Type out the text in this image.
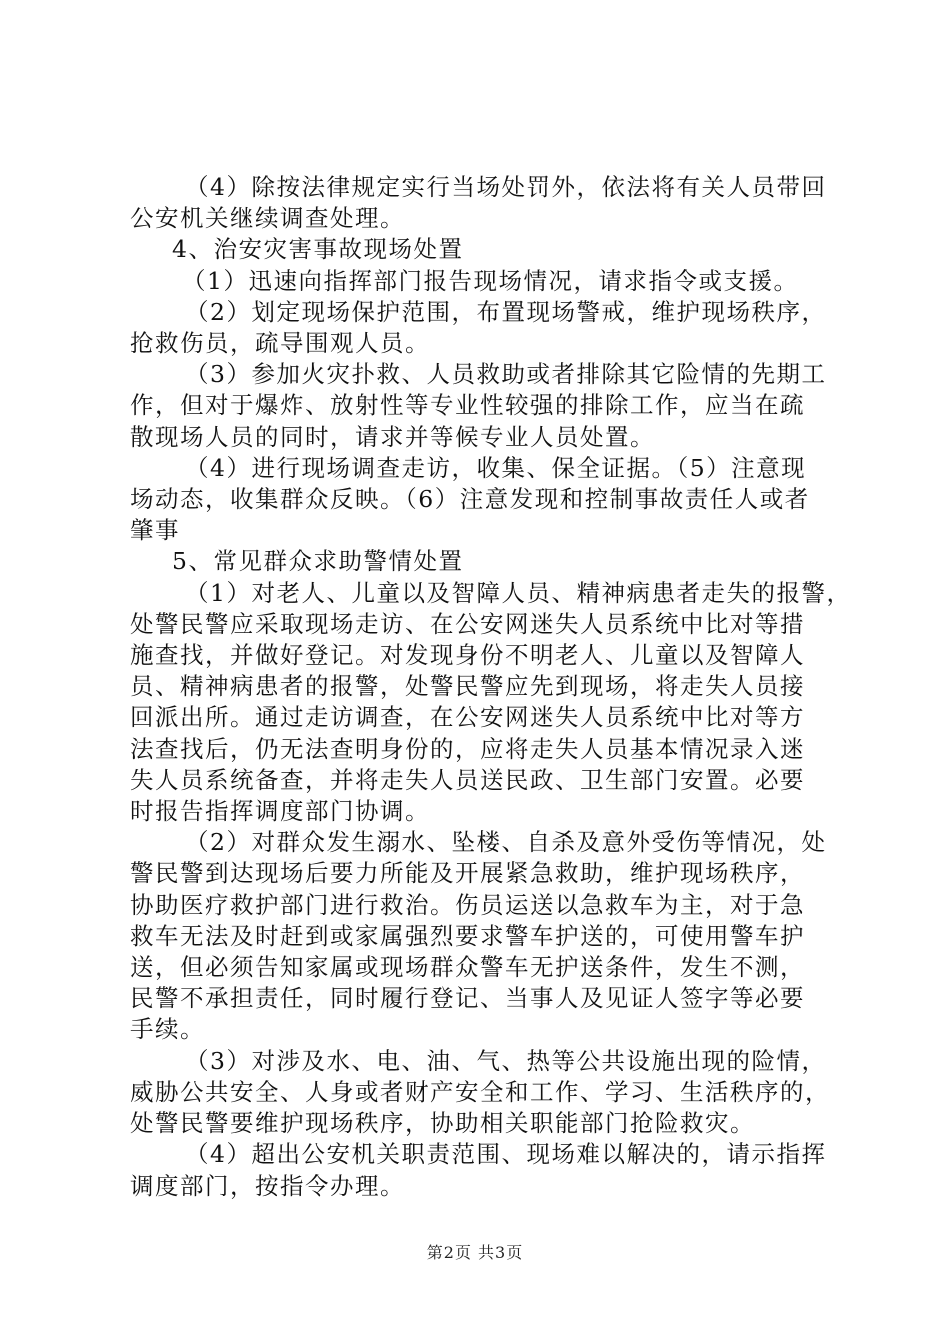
（4）除按法律规定实行当场处罚外，依法将有关人员带回
公安机关继续调查处理。
4、治安灾害事故现场处置
（1）迅速向指挥部门报告现场情况，请求指令或支援。
（2）划定现场保护范围，布置现场警戒，维护现场秩序，
抢救伤员，疏导围观人员。
（3）参加火灾扑救、人员救助或者排除其它险情的先期工
作，但对于爆炸、放射性等专业性较强的排除工作，应当在疏
散现场人员的同时，请求并等候专业人员处置。
（4）进行现场调查走访，收集、保全证据。（5）注意现
场动态，收集群众反映。（6）注意发现和控制事故责任人或者
肇事
5、常见群众求助警情处置
（1）对老人、儿童以及智障人员、精神病患者走失的报警，
处警民警应采取现场走访、在公安网迷失人员系统中比对等措
施查找，并做好登记。对发现身份不明老人、儿童以及智障人
员、精神病患者的报警，处警民警应先到现场，将走失人员接
回派出所。通过走访调查，在公安网迷失人员系统中比对等方
法查找后，仍无法查明身份的，应将走失人员基本情况录入迷
失人员系统备查，并将走失人员送民政、卫生部门安置。必要
时报告指挥调度部门协调。
（2）对群众发生溺水、坠楼、自杀及意外受伤等情况，处
警民警到达现场后要力所能及开展紧急救助，维护现场秩序，
协助医疗救护部门进行救治。伤员运送以急救车为主，对于急
救车无法及时赶到或家属强烈要求警车护送的，可使用警车护
送，但必须告知家属或现场群众警车无护送条件，发生不测，
民警不承担责任，同时履行登记、当事人及见证人签字等必要
手续。
（3）对涉及水、电、油、气、热等公共设施出现的险情，
威胁公共安全、人身或者财产安全和工作、学习、生活秩序的，
处警民警要维护现场秩序，协助相关职能部门抢险救灾。
（4）超出公安机关职责范围、现场难以解决的，请示指挥
调度部门，按指令办理。
第2页 共3页
